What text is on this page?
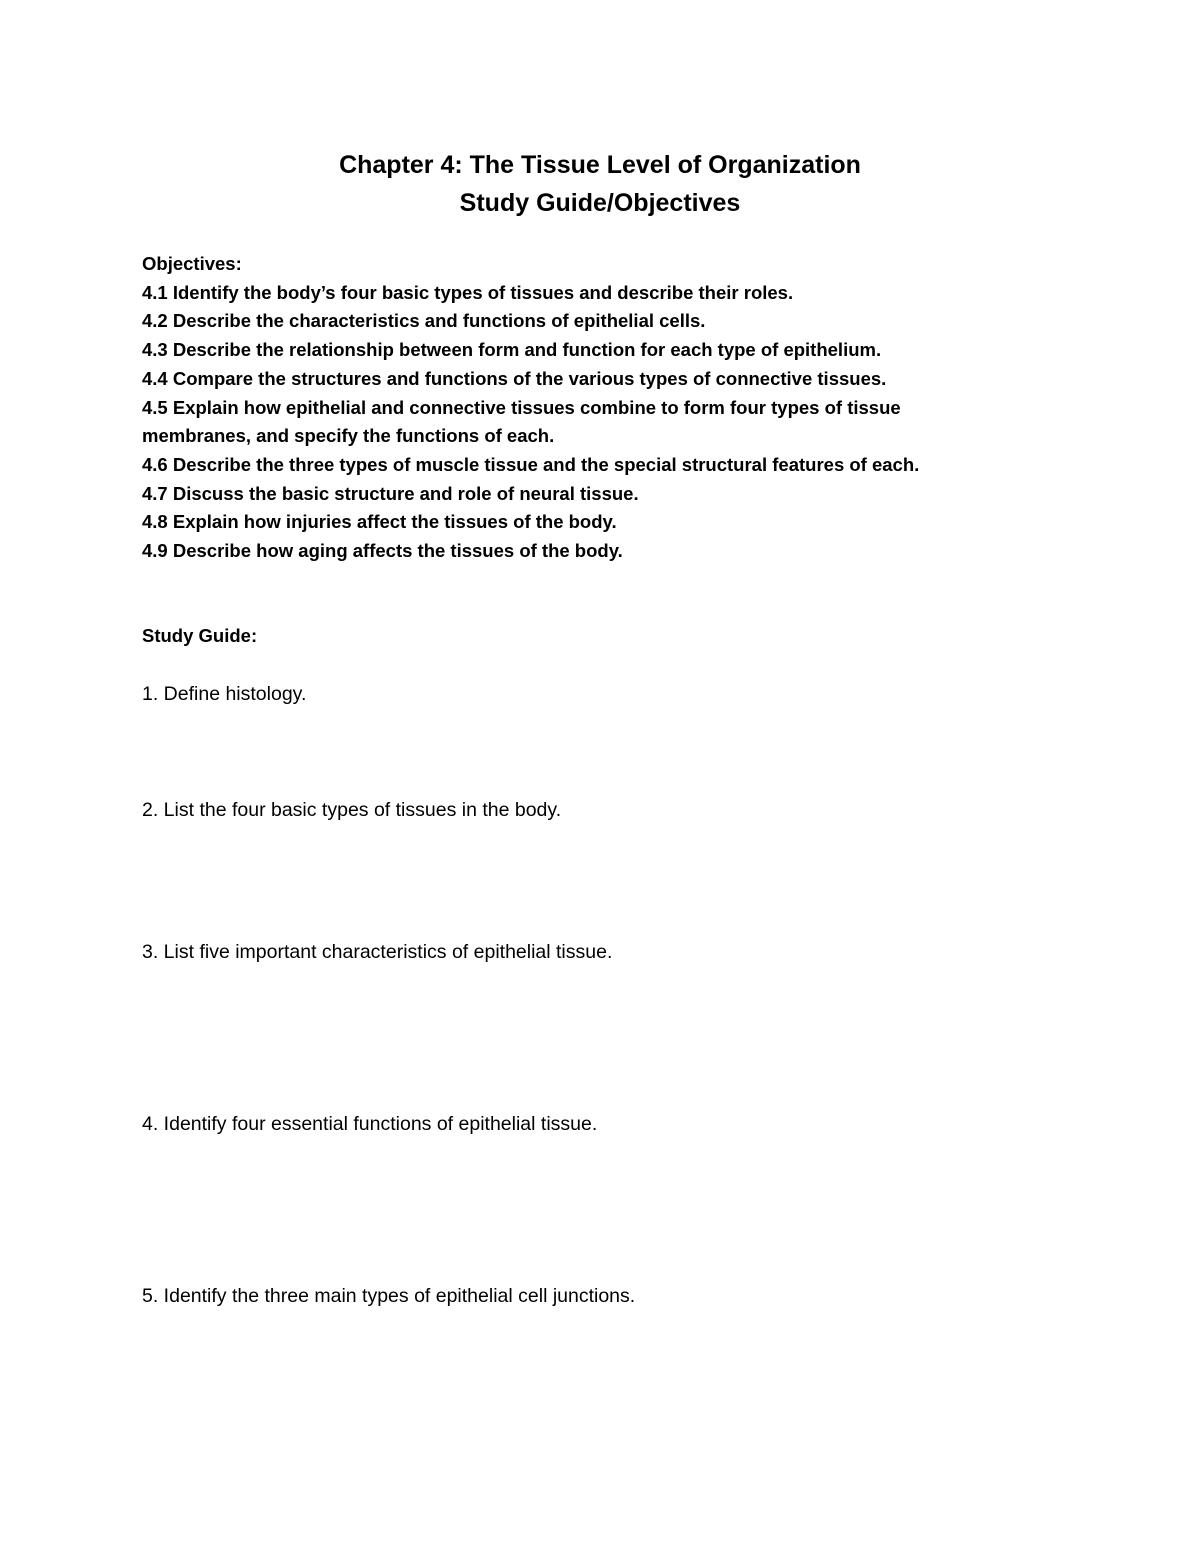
Chapter 4: The Tissue Level of Organization
Study Guide/Objectives
Objectives:
4.1 Identify the body’s four basic types of tissues and describe their roles.
4.2 Describe the characteristics and functions of epithelial cells.
4.3 Describe the relationship between form and function for each type of epithelium.
4.4 Compare the structures and functions of the various types of connective tissues.
4.5 Explain how epithelial and connective tissues combine to form four types of tissue
membranes, and specify the functions of each.
4.6 Describe the three types of muscle tissue and the special structural features of each.
4.7 Discuss the basic structure and role of neural tissue.
4.8 Explain how injuries affect the tissues of the body.
4.9 Describe how aging affects the tissues of the body.
Study Guide:
1. Define histology.
2. List the four basic types of tissues in the body.
3. List five important characteristics of epithelial tissue.
4. Identify four essential functions of epithelial tissue.
5. Identify the three main types of epithelial cell junctions.
